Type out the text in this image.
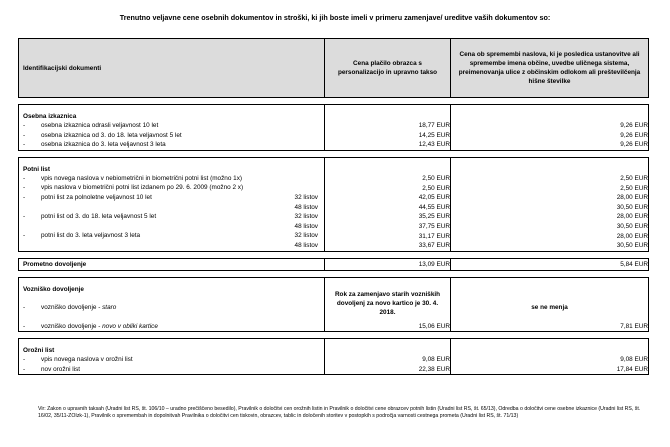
Trenutno veljavne cene osebnih dokumentov in stroški, ki jih boste imeli v primeru zamenjave/ ureditve vaših dokumentov so:
Identifikacijski dokumenti	Cena plačilo obrazca s personalizacijo in upravno takso	Cena ob spremembi naslova, ki je posledica ustanovitve ali spremembe imena občine, uvedbe uličnega sistema, preimenovanja ulice z občinskim odlokom ali preštevilčenja hišne številke

Osebna izkaznica		

- osebna izkaznica odrasli veljavnost 10 let	18,77 EUR	9,26 EUR

- osebna izkaznica od 3. do 18. leta veljavnost 5 let	14,25 EUR	9,26 EUR

- osebna izkaznica do 3. leta veljavnost 3 leta	12,43 EUR	9,26 EUR

Potni list		

- vpis novega naslova v nebiometrični in biometrični potni list (možno 1x)	2,50 EUR	2,50 EUR

- vpis naslova v biometrični potni list izdanem po 29. 6. 2009 (možno 2 x)	2,50 EUR	2,50 EUR

- potni list za polnoletne veljavnost 10 let 32 listov	42,05 EUR	28,00 EUR

48 listov	44,55 EUR	30,50 EUR

- potni list od 3. do 18. leta veljavnost 5 let 32 listov	35,25 EUR	28,00 EUR

48 listov	37,75 EUR	30,50 EUR

- potni list do 3. leta veljavnost 3 leta 32 listov	31,17 EUR	28,00 EUR

48 listov	33,67 EUR	30,50 EUR

Prometno dovoljenje	13,09 EUR	5,84 EUR

Vozniško dovoljenje	Rok za zamenjavo starih vozniških dovoljenj za novo kartico je 30. 4. 2018.	

- vozniško dovoljenje - staro		se ne menja

- vozniško dovoljenje - novo v obliki kartice	15,06 EUR	7,81 EUR

Orožni list		

- vpis novega naslova v orožni list	9,08 EUR	9,08 EUR

- nov orožni list	22,38 EUR	17,84 EUR
Vir: Zakon o upravnih taksah (Uradni list RS, št. 106/10 – uradno prečiščeno besedilo), Pravilnik o določitvi cen orožnih listin in Pravilnik o določitvi cene obrazcev potnih listin (Uradni list RS, št. 65/13), Odredba o določitvi cene osebne izkaznice (Uradni list RS, št. 16/02, 35/11-ZOIzk-1), Pravilnik o spremembah in dopolnitvah Pravilnika o določitvi cen tiskovin, obrazcev, tablic in določenih storitev v postopkih s področja varnosti cestnega prometa (Uradni list RS, št. 71/13)
